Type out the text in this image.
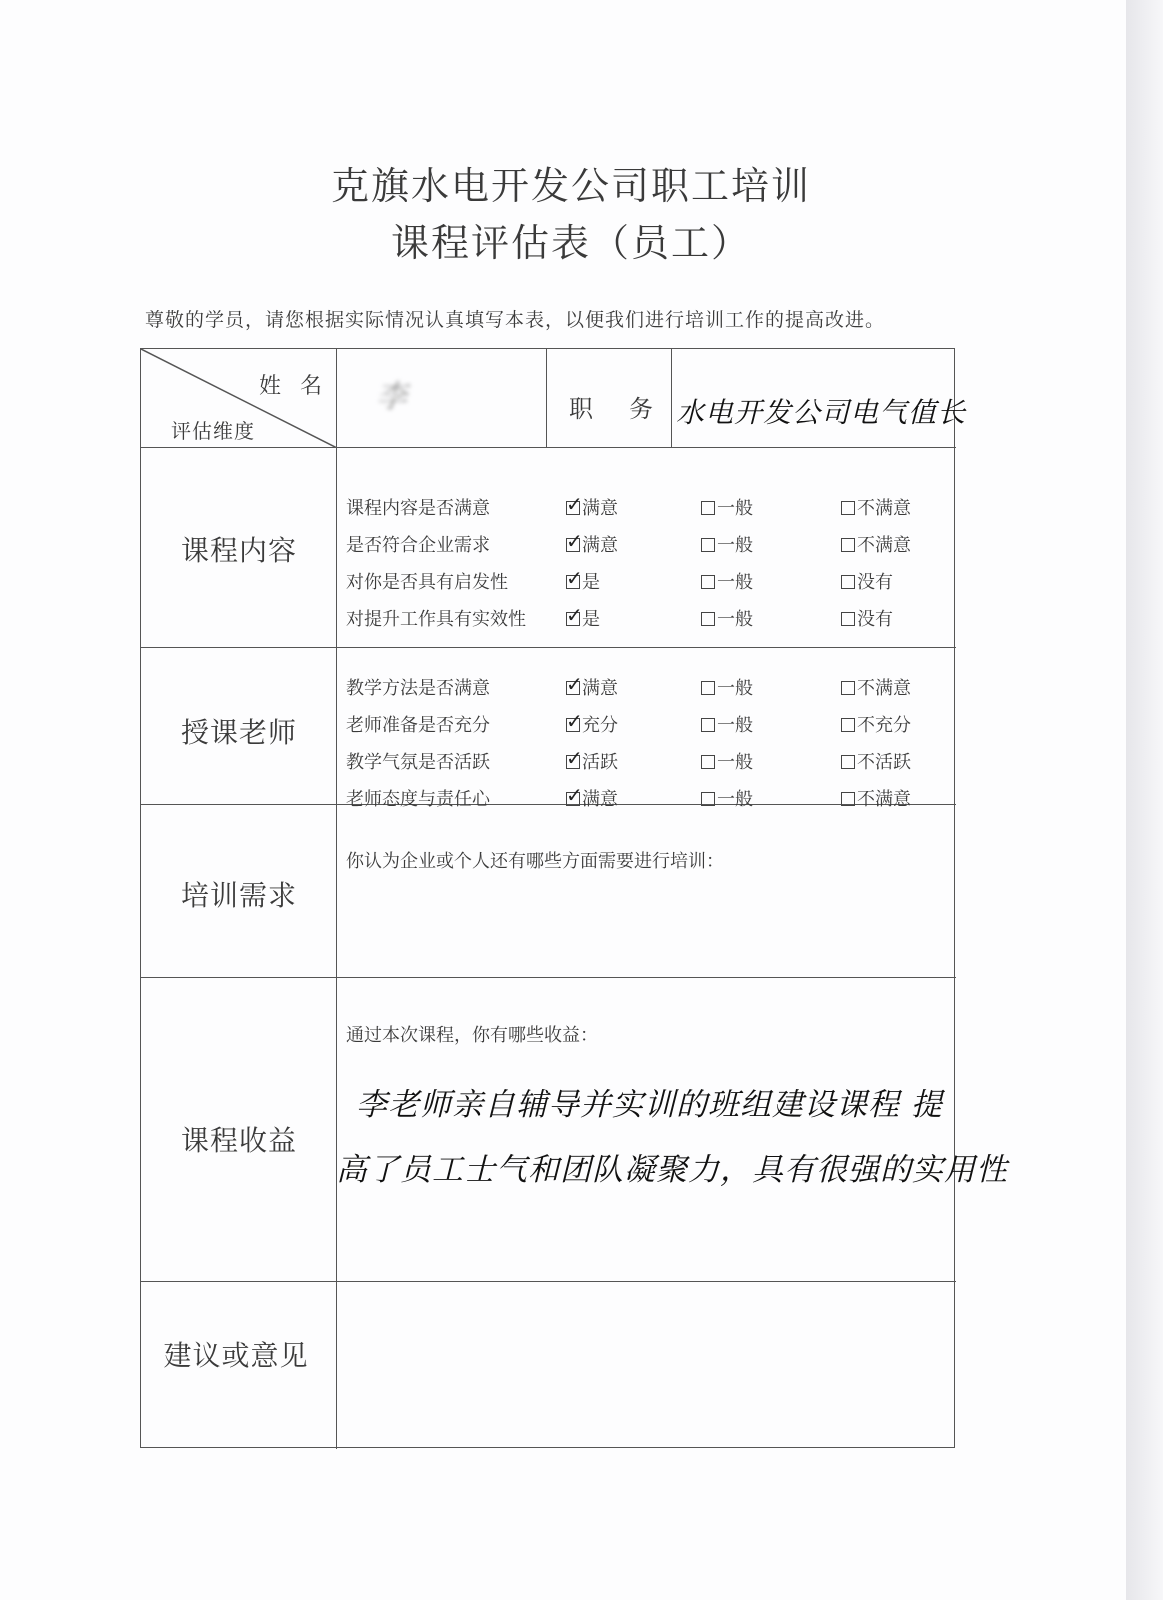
克旗水电开发公司职工培训
课程评估表（员工）
尊敬的学员，请您根据实际情况认真填写本表，以便我们进行培训工作的提高改进。
姓 名
评估维度
李	职　务 水电开发公司电气值长
课程内容
课程内容是否满意	✓ 满意	一般	不满意
是否符合企业需求	✓ 满意	一般	不满意
对你是否具有启发性	✓ 是	一般	没有
对提升工作具有实效性 ✓ 是	一般	没有
授课老师
教学方法是否满意	✓ 满意	一般	不满意
老师准备是否充分	✓ 充分	一般	不充分
教学气氛是否活跃	✓ 活跃	一般	不活跃
老师态度与责任心	✓ 满意	一般	不满意
培训需求
你认为企业或个人还有哪些方面需要进行培训：
课程收益
通过本次课程，你有哪些收益：
李老师亲自辅导并实训的班组建设课程 提
高了员工士气和团队凝聚力，具有很强的实用性
建议或意见
